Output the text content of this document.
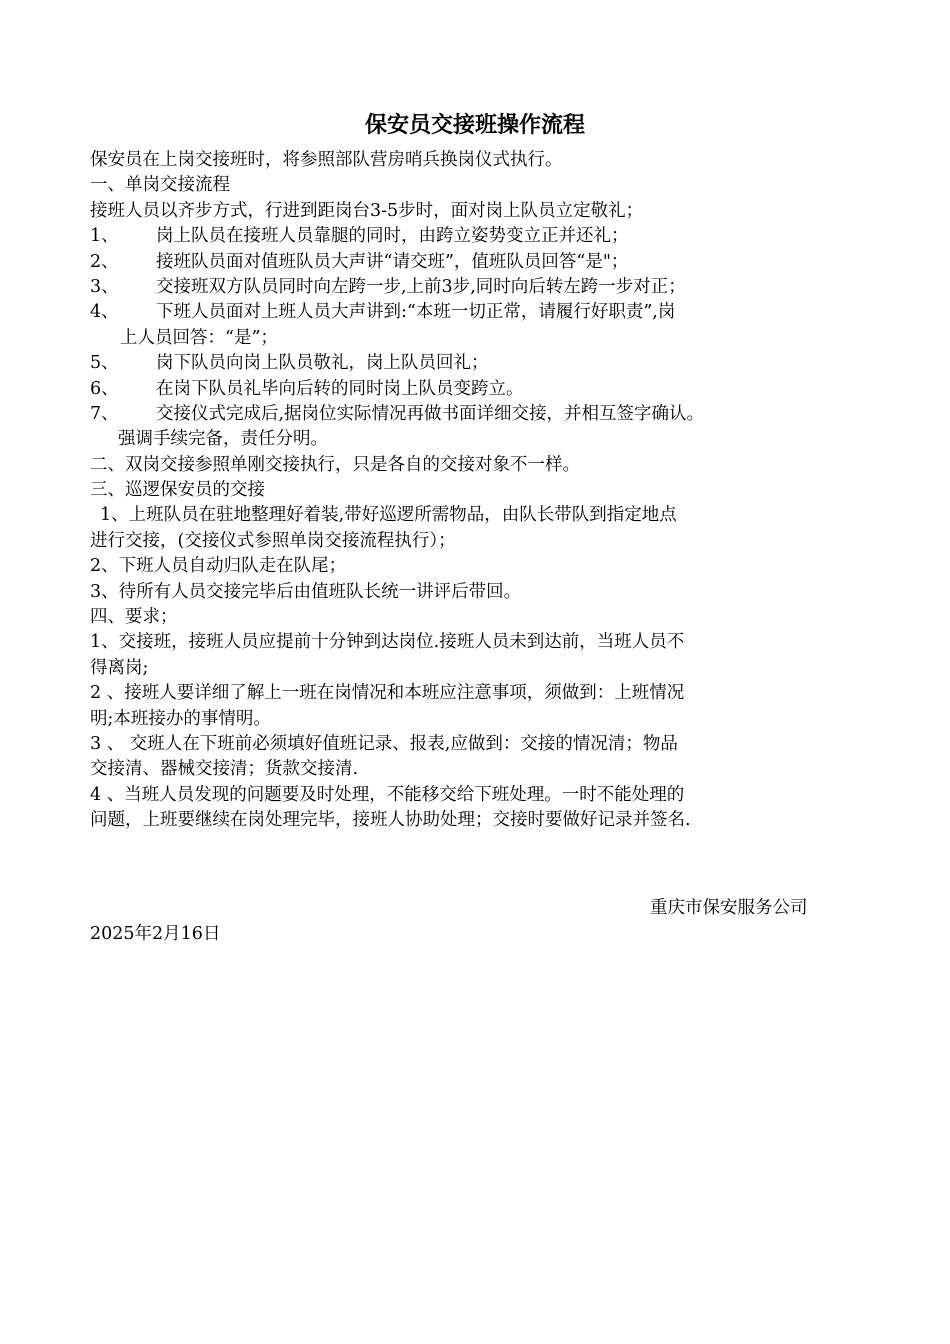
保安员交接班操作流程
保安员在上岗交接班时，将参照部队营房哨兵换岗仪式执行。
一、单岗交接流程
接班人员以齐步方式，行进到距岗台3-5步时，面对岗上队员立定敬礼；
1、 岗上队员在接班人员靠腿的同时，由跨立姿势变立正并还礼；
2、 接班队员面对值班队员大声讲“请交班”，值班队员回答“是"；
3、 交接班双方队员同时向左跨一步,上前3步,同时向后转左跨一步对正；
4、 下班人员面对上班人员大声讲到:“本班一切正常，请履行好职责”,岗
上人员回答：“是”；
5、 岗下队员向岗上队员敬礼，岗上队员回礼；
6、 在岗下队员礼毕向后转的同时岗上队员变跨立。
7、 交接仪式完成后,据岗位实际情况再做书面详细交接，并相互签字确认。
强调手续完备，责任分明。
二、双岗交接参照单刚交接执行，只是各自的交接对象不一样。
三、巡逻保安员的交接
1、上班队员在驻地整理好着装,带好巡逻所需物品，由队长带队到指定地点
进行交接，(交接仪式参照单岗交接流程执行）；
2、下班人员自动归队走在队尾；
3、待所有人员交接完毕后由值班队长统一讲评后带回。
四、要求；
1、交接班，接班人员应提前十分钟到达岗位.接班人员未到达前，当班人员不
得离岗;
2 、接班人要详细了解上一班在岗情况和本班应注意事项，须做到：上班情况
明;本班接办的事情明。
3 、 交班人在下班前必须填好值班记录、报表,应做到：交接的情况清；物品
交接清、器械交接清；货款交接清.
4 、当班人员发现的问题要及时处理，不能移交给下班处理。一时不能处理的
问题，上班要继续在岗处理完毕，接班人协助处理；交接时要做好记录并签名.
重庆市保安服务公司
2025年2月16日
